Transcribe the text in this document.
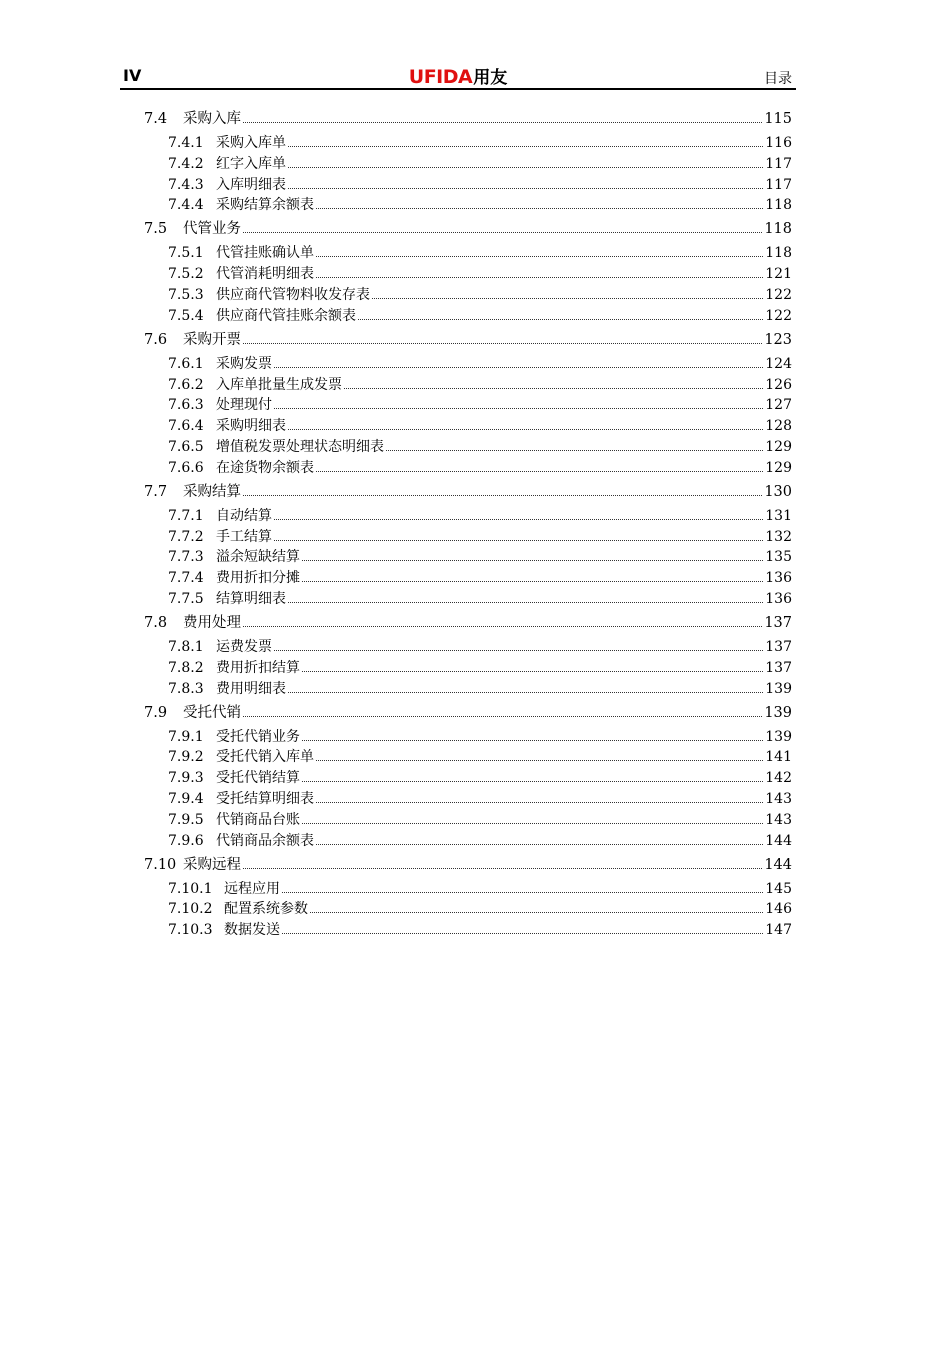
IV	UFIDA用友	目录
7.4	采购入库	115
7.4.1 采购入库单	116
7.4.2 红字入库单	117
7.4.3 入库明细表	117
7.4.4 采购结算余额表	118
7.5	代管业务	118
7.5.1 代管挂账确认单	118
7.5.2 代管消耗明细表	121
7.5.3 供应商代管物料收发存表	122
7.5.4 供应商代管挂账余额表	122
7.6	采购开票	123
7.6.1 采购发票	124
7.6.2 入库单批量生成发票	126
7.6.3 处理现付	127
7.6.4 采购明细表	128
7.6.5 增值税发票处理状态明细表	129
7.6.6 在途货物余额表	129
7.7	采购结算	130
7.7.1 自动结算	131
7.7.2 手工结算	132
7.7.3 溢余短缺结算	135
7.7.4 费用折扣分摊	136
7.7.5 结算明细表	136
7.8	费用处理	137
7.8.1 运费发票	137
7.8.2 费用折扣结算	137
7.8.3 费用明细表	139
7.9	受托代销	139
7.9.1 受托代销业务	139
7.9.2 受托代销入库单	141
7.9.3 受托代销结算	142
7.9.4 受托结算明细表	143
7.9.5 代销商品台账	143
7.9.6 代销商品余额表	144
7.10 采购远程	144
7.10.1 远程应用	145
7.10.2 配置系统参数	146
7.10.3 数据发送	147
